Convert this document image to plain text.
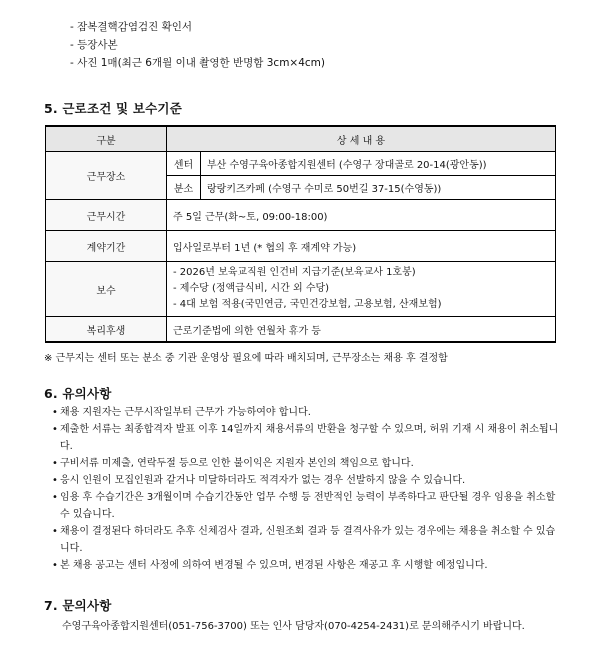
- 잠복결핵감염검진 확인서
- 등장사본
- 사진 1매(최근 6개월 이내 촬영한 반명함 3cm×4cm)
5. 근로조건 및 보수기준
구분	상 세 내 용	
근무장소	센터	부산 수영구육아종합지원센터 (수영구 장대골로 20-14(광안동))
	분소	랑랑키즈카페 (수영구 수미로 50번길 37-15(수영동))
근무시간	주 5일 근무(화~토, 09:00-18:00)	
계약기간	입사일로부터 1년 (* 협의 후 재계약 가능)	
보수	- 2026년 보육교직원 인건비 지급기준(보육교사 1호봉)
- 제수당 (정액급식비, 시간 외 수당)
- 4대 보험 적용(국민연금, 국민건강보험, 고용보험, 산재보험)	

복리후생	근로기준법에 의한 연월차 휴가 등	
※ 근무지는 센터 또는 분소 중 기관 운영상 필요에 따라 배치되며, 근무장소는 채용 후 결정함
6. 유의사항
• 채용 지원자는 근무시작일부터 근무가 가능하여야 합니다.
• 제출한 서류는 최종합격자 발표 이후 14일까지 채용서류의 반환을 청구할 수 있으며, 허위 기재 시 채용이 취소됩니다.
• 구비서류 미제출, 연락두절 등으로 인한 불이익은 지원자 본인의 책임으로 합니다.
• 응시 인원이 모집인원과 같거나 미달하더라도 적격자가 없는 경우 선발하지 않을 수 있습니다.
• 임용 후 수습기간은 3개월이며 수습기간동안 업무 수행 등 전반적인 능력이 부족하다고 판단될 경우 임용을 취소할 수 있습니다.
• 채용이 결정된다 하더라도 추후 신체검사 결과, 신원조회 결과 등 결격사유가 있는 경우에는 채용을 취소할 수 있습니다.
• 본 채용 공고는 센터 사정에 의하여 변경될 수 있으며, 변경된 사항은 재공고 후 시행할 예정입니다.
7. 문의사항
수영구육아종합지원센터(051-756-3700) 또는 인사 담당자(070-4254-2431)로 문의해주시기 바랍니다.
